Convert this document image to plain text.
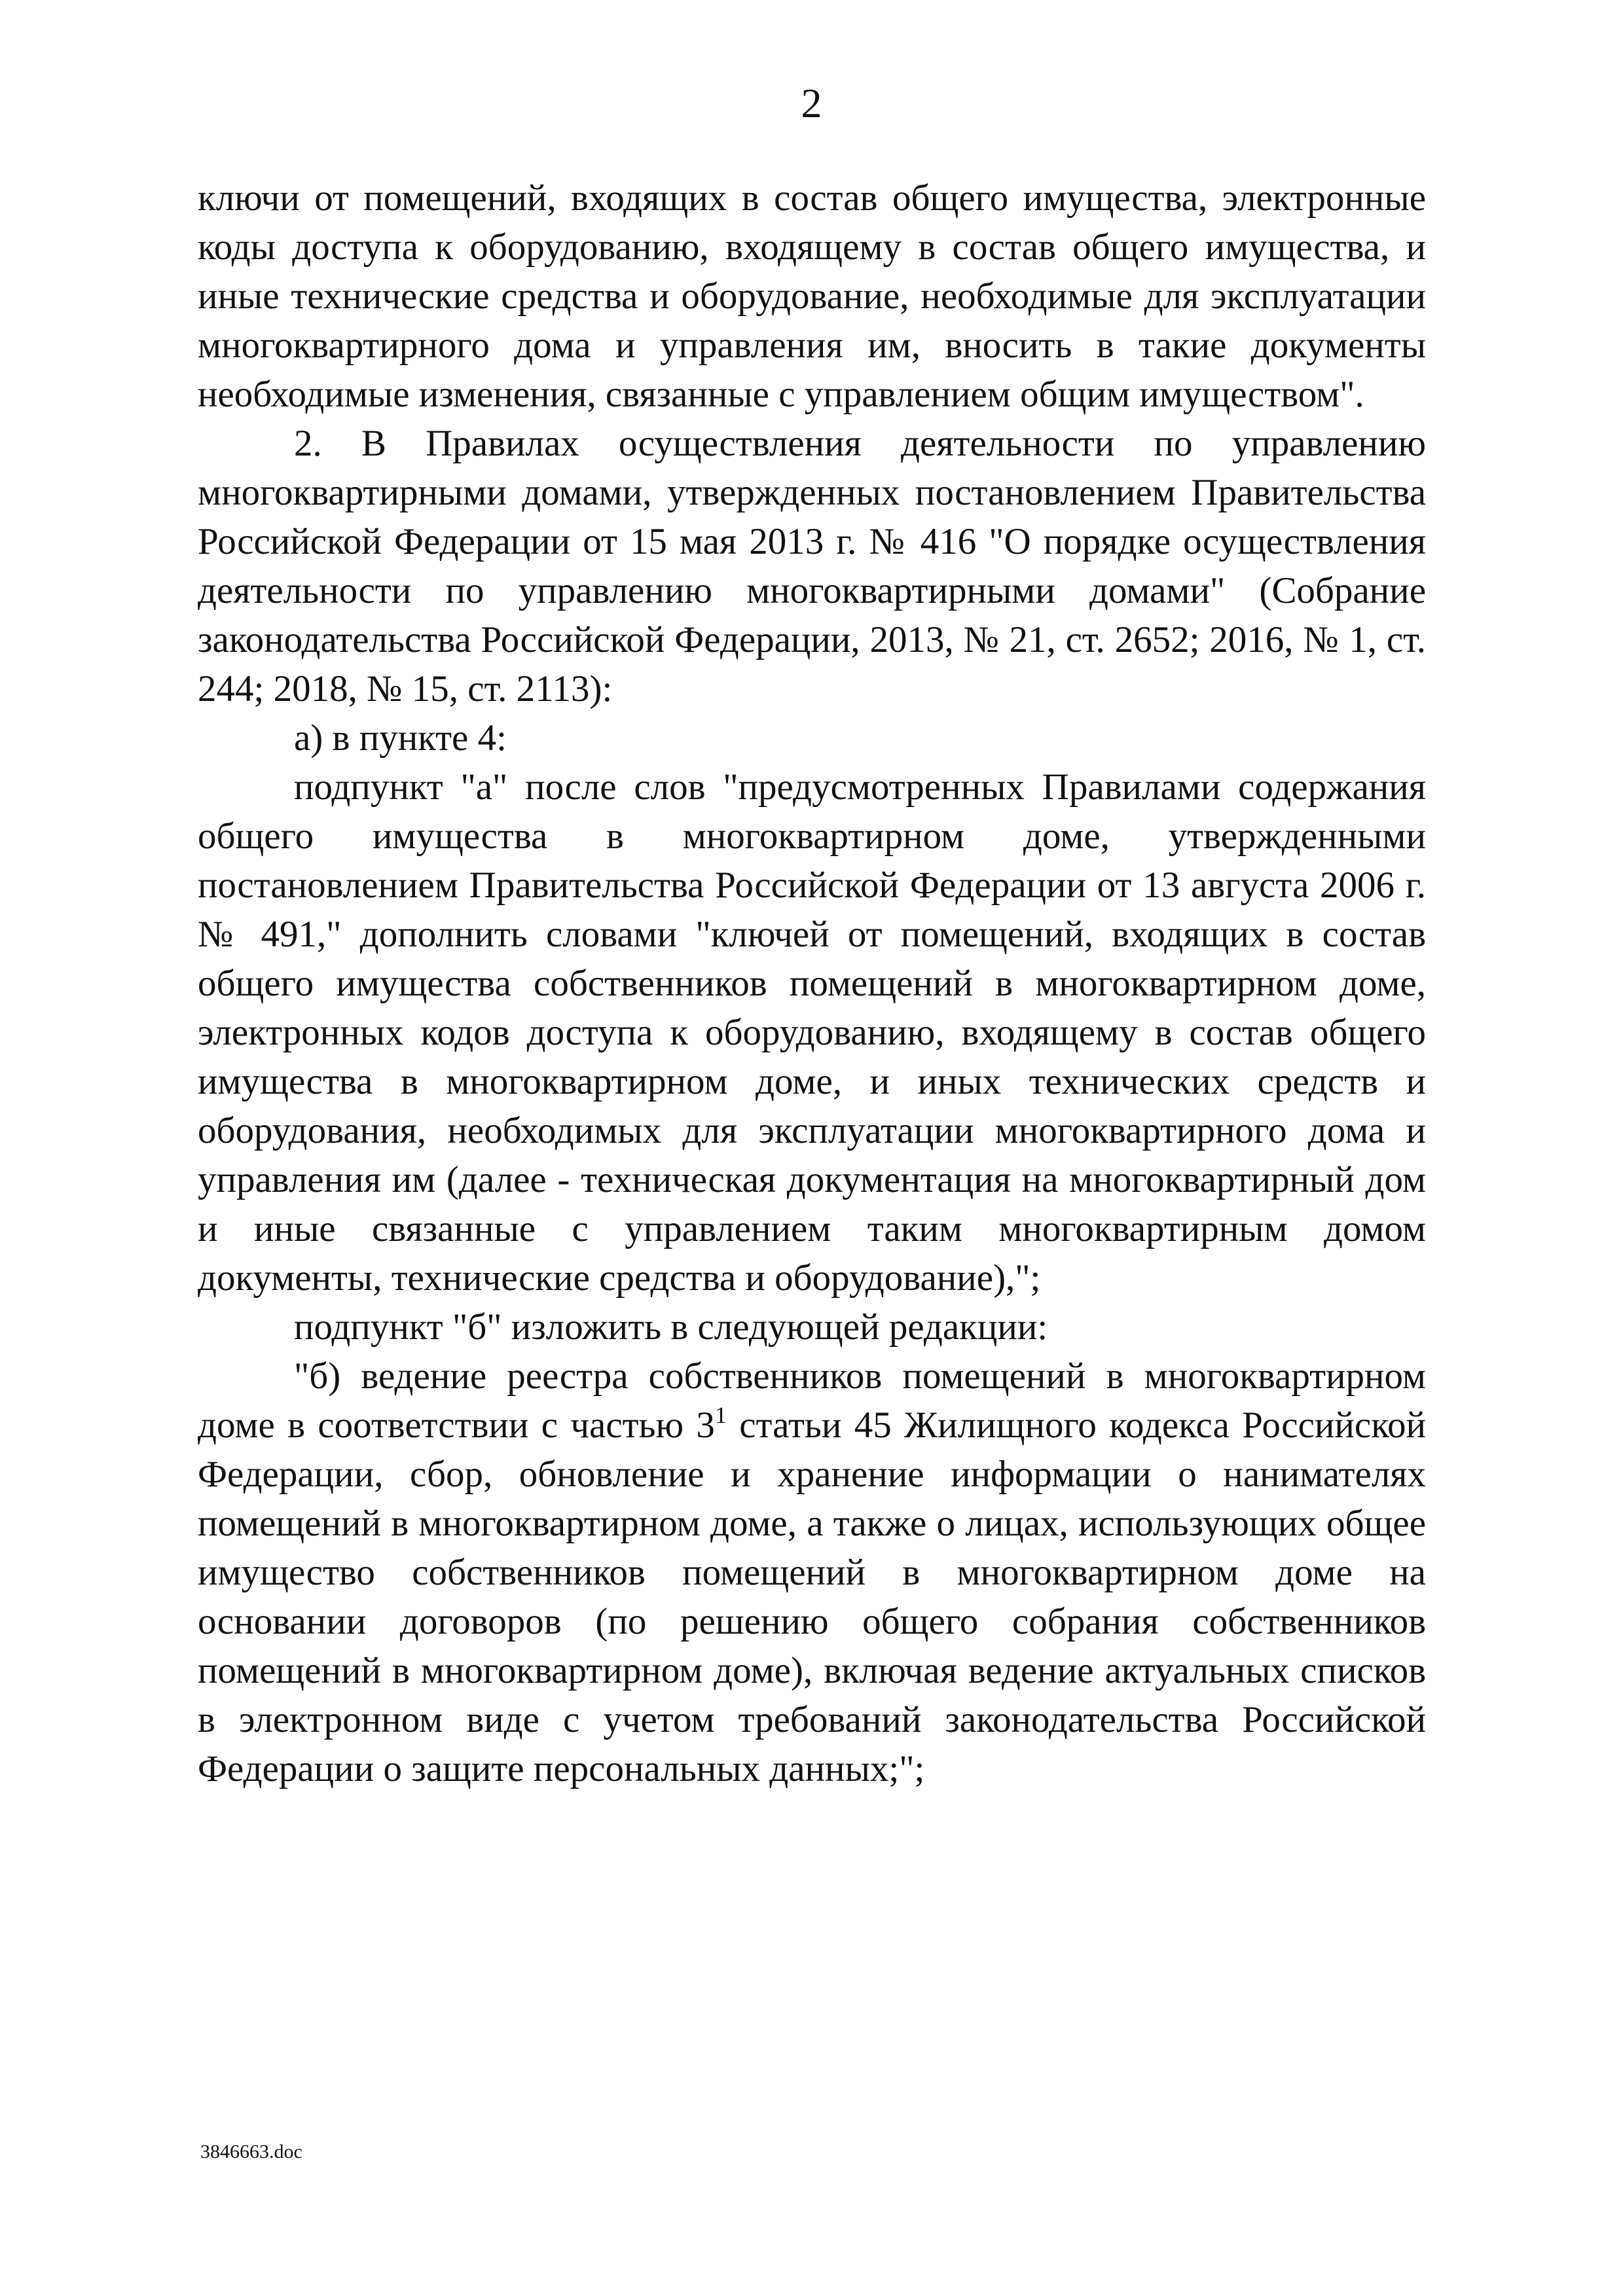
2

ключи от помещений, входящих в состав общего имущества, электронные коды доступа к оборудованию, входящему в состав общего имущества, и иные технические средства и оборудование, необходимые для эксплуатации многоквартирного дома и управления им, вносить в такие документы необходимые изменения, связанные с управлением общим имуществом".

2. В Правилах осуществления деятельности по управлению многоквартирными домами, утвержденных постановлением Правительства Российской Федерации от 15 мая 2013 г. № 416 "О порядке осуществления деятельности по управлению многоквартирными домами" (Собрание законодательства Российской Федерации, 2013, № 21, ст. 2652; 2016, № 1, ст. 244; 2018, № 15, ст. 2113):

а) в пункте 4:

подпункт "а" после слов "предусмотренных Правилами содержания общего имущества в многоквартирном доме, утвержденными постановлением Правительства Российской Федерации от 13 августа 2006 г. № 491," дополнить словами "ключей от помещений, входящих в состав общего имущества собственников помещений в многоквартирном доме, электронных кодов доступа к оборудованию, входящему в состав общего имущества в многоквартирном доме, и иных технических средств и оборудования, необходимых для эксплуатации многоквартирного дома и управления им (далее - техническая документация на многоквартирный дом и иные связанные с управлением таким многоквартирным домом документы, технические средства и оборудование),";

подпункт "б" изложить в следующей редакции:

"б) ведение реестра собственников помещений в многоквартирном доме в соответствии с частью $3^1$ статьи 45 Жилищного кодекса Российской Федерации, сбор, обновление и хранение информации о нанимателях помещений в многоквартирном доме, а также о лицах, использующих общее имущество собственников помещений в многоквартирном доме на основании договоров (по решению общего собрания собственников помещений в многоквартирном доме), включая ведение актуальных списков в электронном виде с учетом требований законодательства Российской Федерации о защите персональных данных;";

3846663.doc
